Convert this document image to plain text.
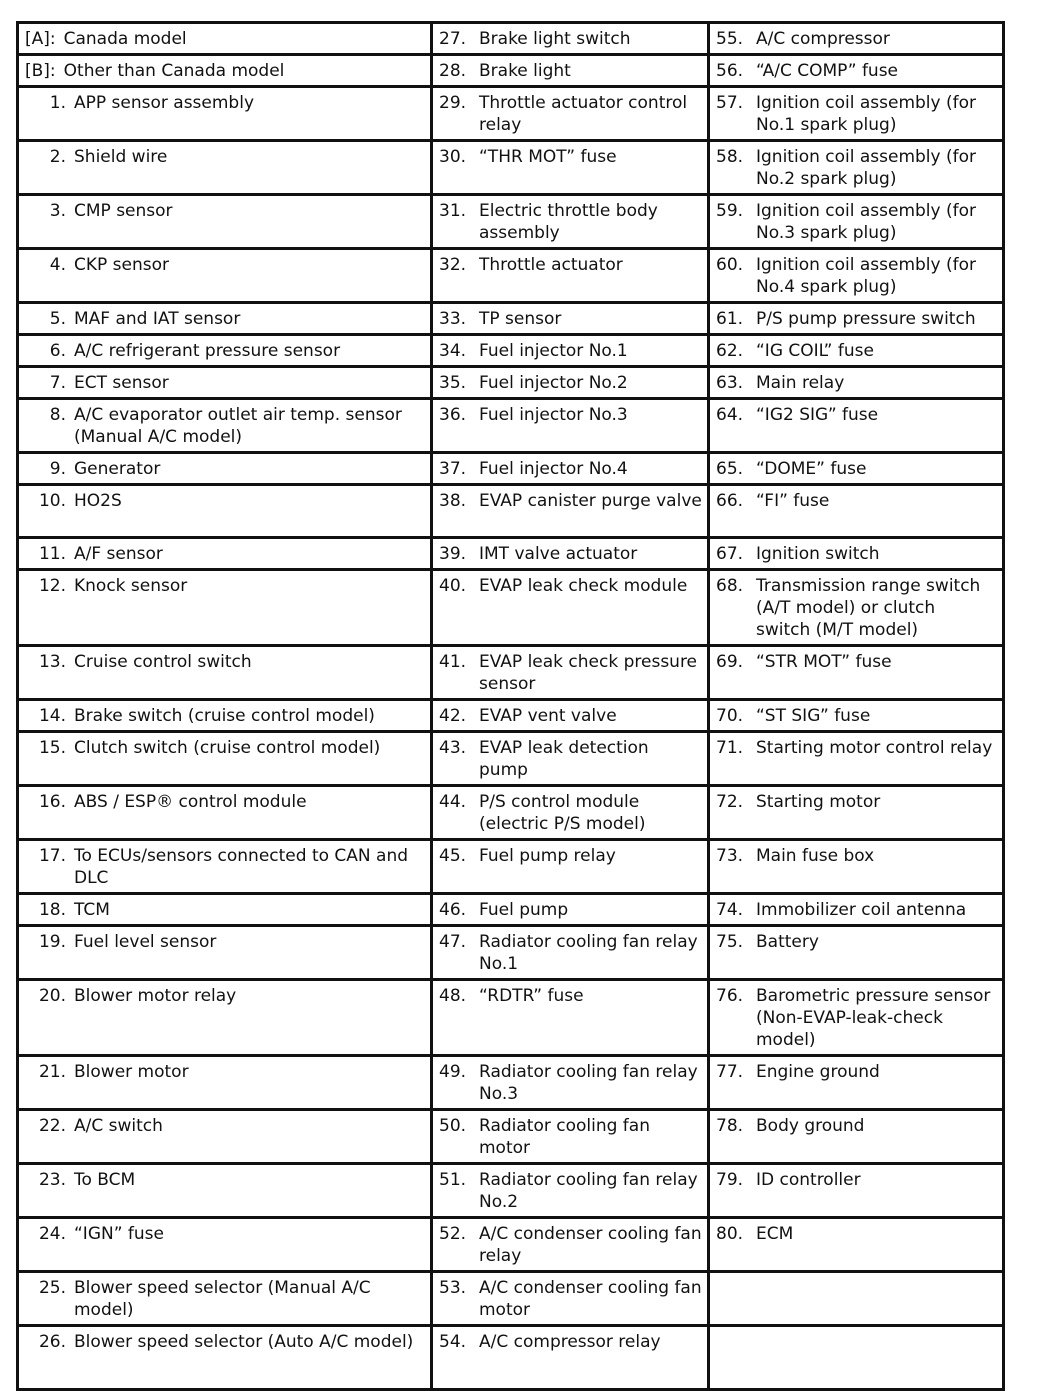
[A]: Canada model	27. Brake light switch	55. A/C compressor

[B]: Other than Canada model	28. Brake light	56. “A/C COMP” fuse

1. APP sensor assembly	29. Throttle actuator control relay	57. Ignition coil assembly (for
No.1 spark plug)

2. Shield wire	30. “THR MOT” fuse	58. Ignition coil assembly (for
No.2 spark plug)

3. CMP sensor	31. Electric throttle body assembly	59. Ignition coil assembly (for
No.3 spark plug)

4. CKP sensor	32. Throttle actuator	60. Ignition coil assembly (for
No.4 spark plug)

5. MAF and IAT sensor	33. TP sensor	61. P/S pump pressure switch

6. A/C refrigerant pressure sensor	34. Fuel injector No.1	62. “IG COIL” fuse

7. ECT sensor	35. Fuel injector No.2	63. Main relay

8. A/C evaporator outlet air temp. sensor (Manual A/C model)	36. Fuel injector No.3	64. “IG2 SIG” fuse

9. Generator	37. Fuel injector No.4	65. “DOME” fuse

10. HO2S	38. EVAP canister purge valve	66. “FI” fuse

11. A/F sensor	39. IMT valve actuator	67. Ignition switch

12. Knock sensor	40. EVAP leak check module	68. Transmission range switch
(A/T model) or clutch
switch (M/T model)

13. Cruise control switch	41. EVAP leak check pressure sensor	69. “STR MOT” fuse

14. Brake switch (cruise control model)	42. EVAP vent valve	70. “ST SIG” fuse

15. Clutch switch (cruise control model)	43. EVAP leak detection pump	71. Starting motor control relay

16. ABS / ESP® control module	44. P/S control module (electric P/S model)	72. Starting motor

17. To ECUs/sensors connected to CAN and DLC	45. Fuel pump relay	73. Main fuse box

18. TCM	46. Fuel pump	74. Immobilizer coil antenna

19. Fuel level sensor	47. Radiator cooling fan relay No.1	75. Battery

20. Blower motor relay	48. “RDTR” fuse	76. Barometric pressure sensor
(Non-EVAP-leak-check
model)

21. Blower motor	49. Radiator cooling fan relay No.3	77. Engine ground

22. A/C switch	50. Radiator cooling fan motor	78. Body ground

23. To BCM	51. Radiator cooling fan relay No.2	79. ID controller

24. “IGN” fuse	52. A/C condenser cooling fan relay	80. ECM

25. Blower speed selector (Manual A/C model)	53. A/C condenser cooling fan motor	

26. Blower speed selector (Auto A/C model)	54. A/C compressor relay	
